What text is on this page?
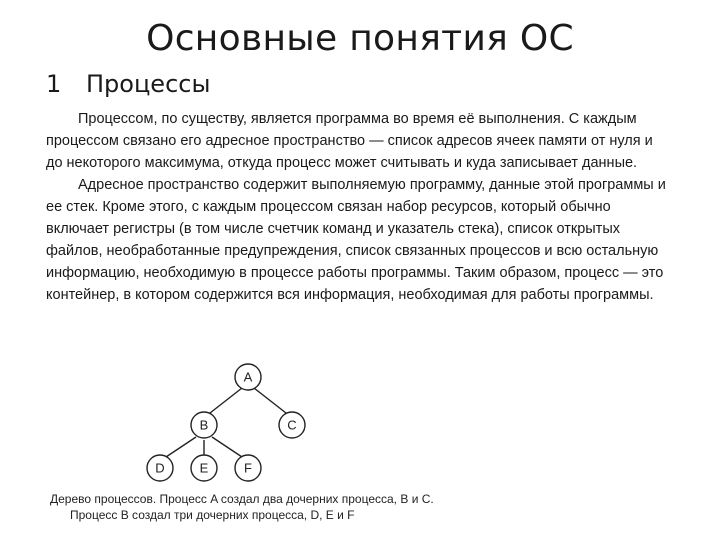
Основные понятия ОС
1 Процессы

Процессом, по существу, является программа во время её выполнения. С каждым процессом связано его адресное пространство — список адресов ячеек памяти от нуля и до некоторого максимума, откуда процесс может считывать и куда записывает данные.

Адресное пространство содержит выполняемую программу, данные этой программы и ее стек. Кроме этого, с каждым процессом связан набор ресурсов, который обычно включает регистры (в том числе счетчик команд и указатель стека), список открытых файлов, необработанные предупреждения, список связанных процессов и всю остальную информацию, необходимую в процессе работы программы. Таким образом, процесс — это контейнер, в котором содержится вся информация, необходимая для работы программы.

A
B	C
D	E	F
Дерево процессов. Процесс A создал два дочерних процесса, B и C.
Процесс B создал три дочерних процесса, D, E и F
